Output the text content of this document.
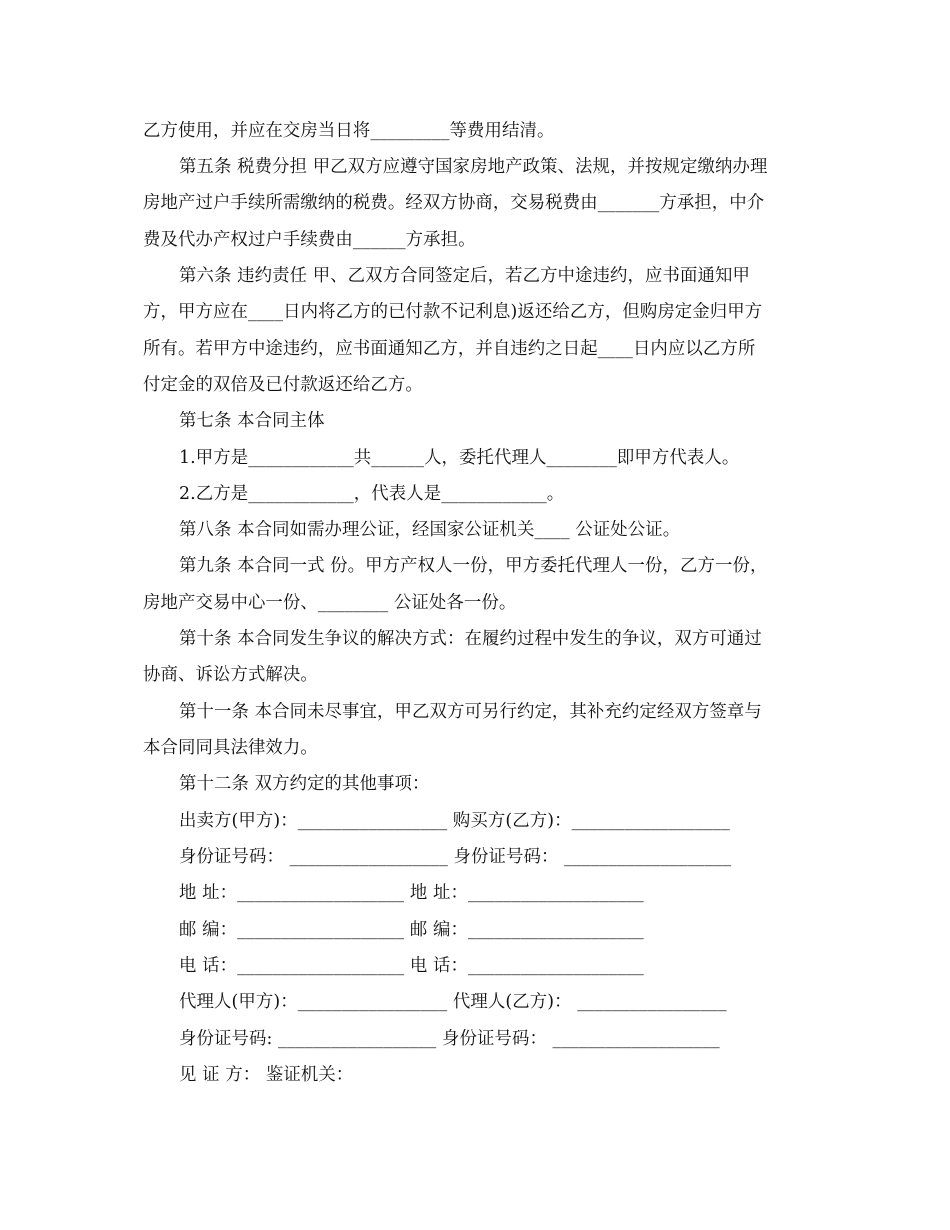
乙方使用，并应在交房当日将_________等费用结清。
第五条 税费分担 甲乙双方应遵守国家房地产政策、法规，并按规定缴纳办理
房地产过户手续所需缴纳的税费。经双方协商，交易税费由_______方承担，中介
费及代办产权过户手续费由______方承担。
第六条 违约责任 甲、乙双方合同签定后，若乙方中途违约，应书面通知甲
方，甲方应在____日内将乙方的已付款不记利息)返还给乙方，但购房定金归甲方
所有。若甲方中途违约，应书面通知乙方，并自违约之日起____日内应以乙方所
付定金的双倍及已付款返还给乙方。
第七条 本合同主体
1.甲方是____________共______人，委托代理人________即甲方代表人。
2.乙方是____________，代表人是____________。
第八条 本合同如需办理公证，经国家公证机关____ 公证处公证。
第九条 本合同一式 份。甲方产权人一份，甲方委托代理人一份，乙方一份，
房地产交易中心一份、________ 公证处各一份。
第十条 本合同发生争议的解决方式：在履约过程中发生的争议，双方可通过
协商、诉讼方式解决。
第十一条 本合同未尽事宜，甲乙双方可另行约定，其补充约定经双方签章与
本合同同具法律效力。
第十二条 双方约定的其他事项：
出卖方(甲方)：_________________ 购买方(乙方)：__________________
身份证号码： __________________ 身份证号码： ___________________
地 址：___________________ 地 址：____________________
邮 编：___________________ 邮 编：____________________
电 话：___________________ 电 话：____________________
代理人(甲方)：_________________ 代理人(乙方)： _________________
身份证号码: __________________ 身份证号码： ___________________
见 证 方： 鉴证机关：
